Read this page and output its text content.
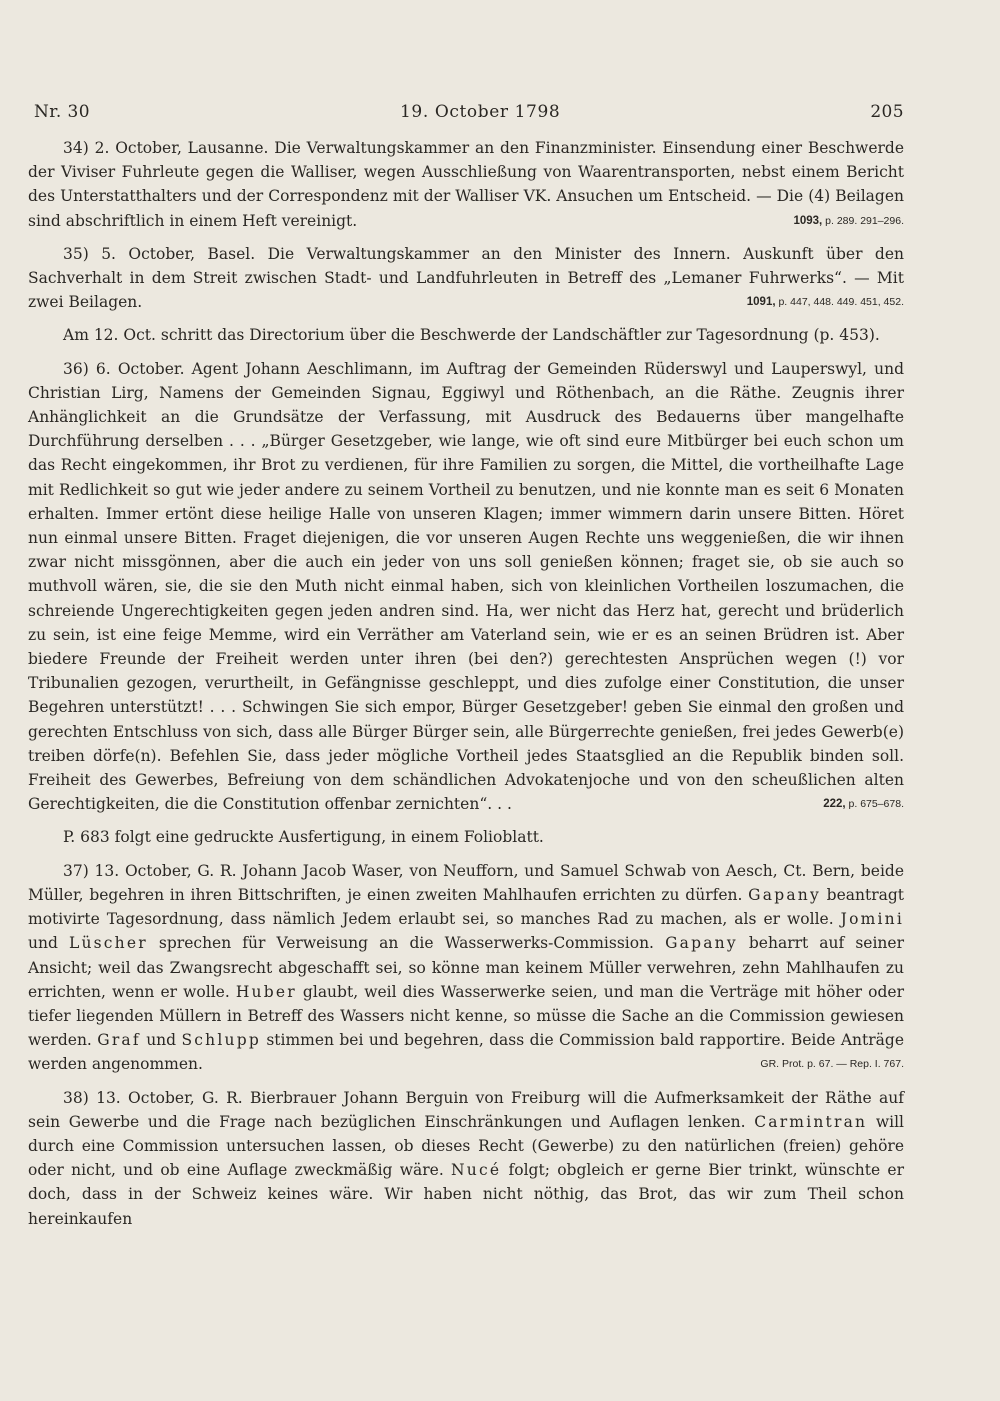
Nr. 30	19. October 1798	205

34) 2. October, Lausanne. Die Verwaltungskammer an den Finanzminister. Einsendung einer Beschwerde der Viviser Fuhrleute gegen die Walliser, wegen Ausschließung von Waarentransporten, nebst einem Bericht des Unterstatthalters und der Correspondenz mit der Walliser VK. Ansuchen um Entscheid. — Die (4) Beilagen sind abschriftlich in einem Heft vereinigt.	1093, p. 289. 291–296.

35) 5. October, Basel. Die Verwaltungskammer an den Minister des Innern. Auskunft über den Sachverhalt in dem Streit zwischen Stadt- und Landfuhrleuten in Betreff des „Lemaner Fuhrwerks“. — Mit zwei Beilagen.	1091, p. 447, 448. 449. 451, 452.

Am 12. Oct. schritt das Directorium über die Beschwerde der Landschäftler zur Tagesordnung (p. 453).

36) 6. October. Agent Johann Aeschlimann, im Auftrag der Gemeinden Rüderswyl und Lauperswyl, und Christian Lirg, Namens der Gemeinden Signau, Eggiwyl und Röthenbach, an die Räthe. Zeugnis ihrer Anhänglichkeit an die Grundsätze der Verfassung, mit Ausdruck des Bedauerns über mangelhafte Durchführung derselben . . . „Bürger Gesetzgeber, wie lange, wie oft sind eure Mitbürger bei euch schon um das Recht eingekommen, ihr Brot zu verdienen, für ihre Familien zu sorgen, die Mittel, die vortheilhafte Lage mit Redlichkeit so gut wie jeder andere zu seinem Vortheil zu benutzen, und nie konnte man es seit 6 Monaten erhalten. Immer ertönt diese heilige Halle von unseren Klagen; immer wimmern darin unsere Bitten. Höret nun einmal unsere Bitten. Fraget diejenigen, die vor unseren Augen Rechte uns weggenießen, die wir ihnen zwar nicht missgönnen, aber die auch ein jeder von uns soll genießen können; fraget sie, ob sie auch so muthvoll wären, sie, die sie den Muth nicht einmal haben, sich von kleinlichen Vortheilen loszumachen, die schreiende Ungerechtigkeiten gegen jeden andren sind. Ha, wer nicht das Herz hat, gerecht und brüderlich zu sein, ist eine feige Memme, wird ein Verräther am Vaterland sein, wie er es an seinen Brüdren ist. Aber biedere Freunde der Freiheit werden unter ihren (bei den?) gerechtesten Ansprüchen wegen (!) vor Tribunalien gezogen, verurtheilt, in Gefängnisse geschleppt, und dies zufolge einer Constitution, die unser Begehren unterstützt! . . . Schwingen Sie sich empor, Bürger Gesetzgeber! geben Sie einmal den großen und gerechten Entschluss von sich, dass alle Bürger Bürger sein, alle Bürgerrechte genießen, frei jedes Gewerb(e) treiben dörfe(n). Befehlen Sie, dass jeder mögliche Vortheil jedes Staatsglied an die Republik binden soll. Freiheit des Gewerbes, Befreiung von dem schändlichen Advokatenjoche und von den scheußlichen alten Gerechtigkeiten, die die Constitution offenbar zernichten“. . .	222, p. 675–678.

P. 683 folgt eine gedruckte Ausfertigung, in einem Folioblatt.

37) 13. October, G. R. Johann Jacob Waser, von Neufforn, und Samuel Schwab von Aesch, Ct. Bern, beide Müller, begehren in ihren Bittschriften, je einen zweiten Mahlhaufen errichten zu dürfen. Gapany beantragt motivirte Tagesordnung, dass nämlich Jedem erlaubt sei, so manches Rad zu machen, als er wolle. Jomini und Lüscher sprechen für Verweisung an die Wasserwerks-Commission. Gapany beharrt auf seiner Ansicht; weil das Zwangsrecht abgeschafft sei, so könne man keinem Müller verwehren, zehn Mahlhaufen zu errichten, wenn er wolle. Huber glaubt, weil dies Wasserwerke seien, und man die Verträge mit höher oder tiefer liegenden Müllern in Betreff des Wassers nicht kenne, so müsse die Sache an die Commission gewiesen werden. Graf und Schlupp stimmen bei und begehren, dass die Commission bald rapportire. Beide Anträge werden angenommen.	GR. Prot. p. 67. — Rep. I. 767.

38) 13. October, G. R. Bierbrauer Johann Berguin von Freiburg will die Aufmerksamkeit der Räthe auf sein Gewerbe und die Frage nach bezüglichen Einschränkungen und Auflagen lenken. Carmintran will durch eine Commission untersuchen lassen, ob dieses Recht (Gewerbe) zu den natürlichen (freien) gehöre oder nicht, und ob eine Auflage zweckmäßig wäre. Nucé folgt; obgleich er gerne Bier trinkt, wünschte er doch, dass in der Schweiz keines wäre. Wir haben nicht nöthig, das Brot, das wir zum Theil schon hereinkaufen
